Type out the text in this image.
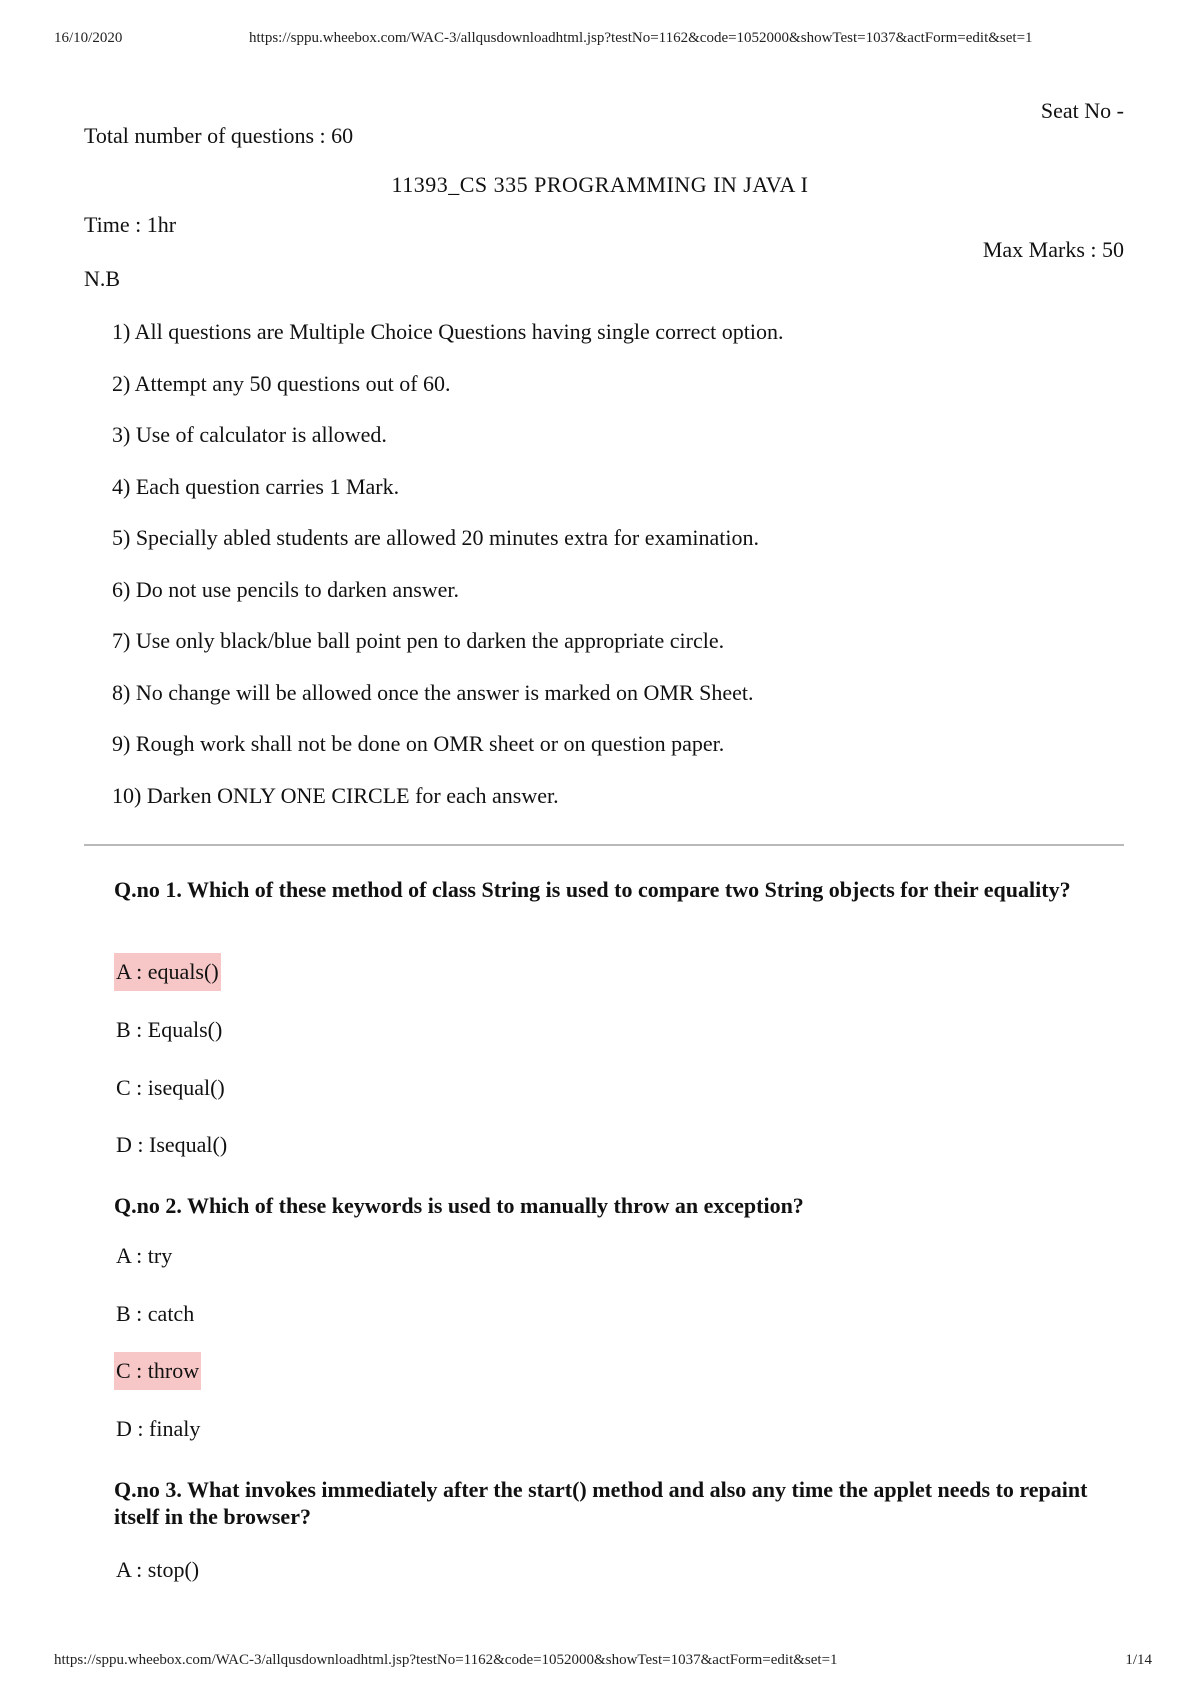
16/10/2020	https://sppu.wheebox.com/WAC-3/allqusdownloadhtml.jsp?testNo=1162&code=1052000&showTest=1037&actForm=edit&set=1
Seat No -
Total number of questions : 60
11393_CS 335 PROGRAMMING IN JAVA I
Time : 1hr
Max Marks : 50
N.B
1) All questions are Multiple Choice Questions having single correct option.
2) Attempt any 50 questions out of 60.
3) Use of calculator is allowed.
4) Each question carries 1 Mark.
5) Specially abled students are allowed 20 minutes extra for examination.
6) Do not use pencils to darken answer.
7) Use only black/blue ball point pen to darken the appropriate circle.
8) No change will be allowed once the answer is marked on OMR Sheet.
9) Rough work shall not be done on OMR sheet or on question paper.
10) Darken ONLY ONE CIRCLE for each answer.

Q.no 1. Which of these method of class String is used to compare two String objects for their equality?

A : equals()
B : Equals()
C : isequal()
D : Isequal()

Q.no 2. Which of these keywords is used to manually throw an exception?

A : try
B : catch
C : throw
D : finaly

Q.no 3. What invokes immediately after the start() method and also any time the applet needs to repaint itself in the browser?

A : stop()
https://sppu.wheebox.com/WAC-3/allqusdownloadhtml.jsp?testNo=1162&code=1052000&showTest=1037&actForm=edit&set=1	1/14
